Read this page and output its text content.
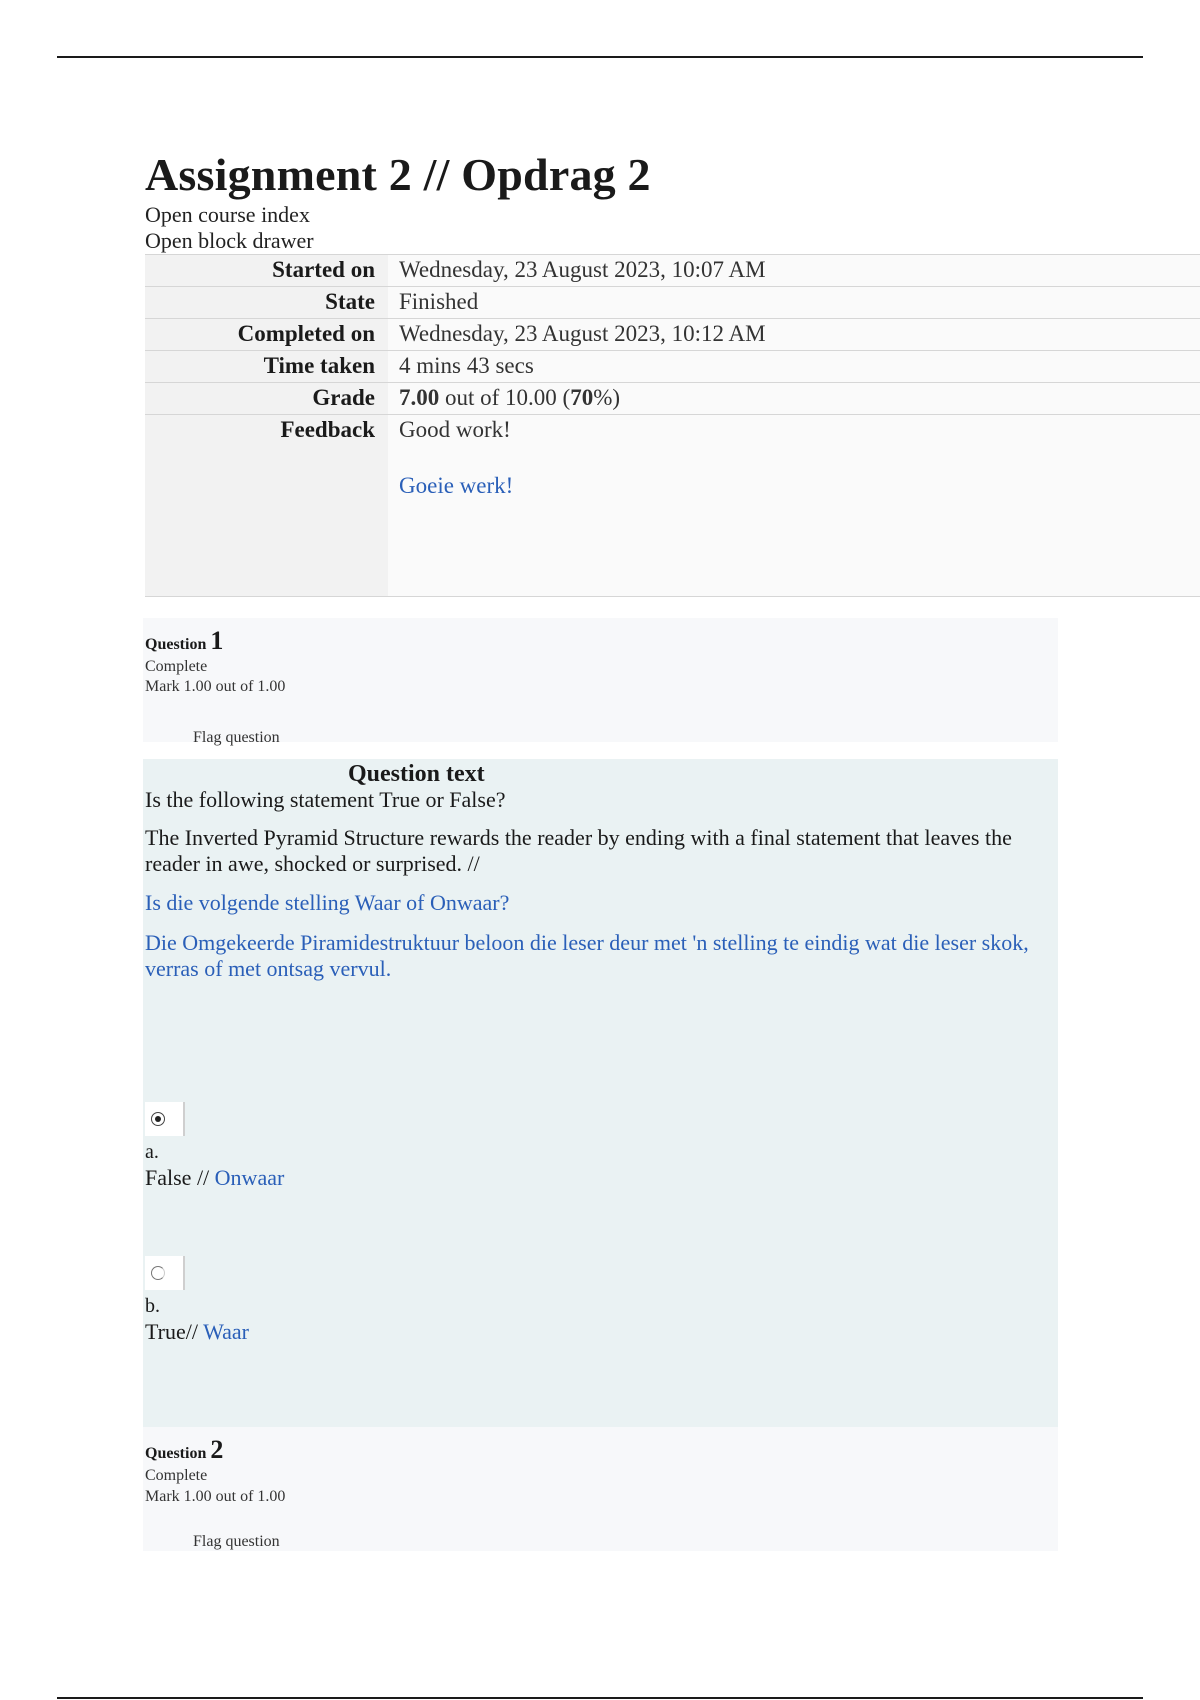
Assignment 2 // Opdrag 2
Open course index
Open block drawer
Started on	Wednesday, 23 August 2023, 10:07 AM
State	Finished
Completed on	Wednesday, 23 August 2023, 10:12 AM
Time taken	4 mins 43 secs
Grade	7.00 out of 10.00 (70%)
Feedback	Good work!
Goeie werk!
Question 1
Complete
Mark 1.00 out of 1.00
Flag question
Question text
Is the following statement True or False?
The Inverted Pyramid Structure rewards the reader by ending with a final statement that leaves the reader in awe, shocked or surprised. //
Is die volgende stelling Waar of Onwaar?
Die Omgekeerde Piramidestruktuur beloon die leser deur met 'n stelling te eindig wat die leser skok, verras of met ontsag vervul.
a.
False // Onwaar
b.
True// Waar
Question 2
Complete
Mark 1.00 out of 1.00
Flag question
